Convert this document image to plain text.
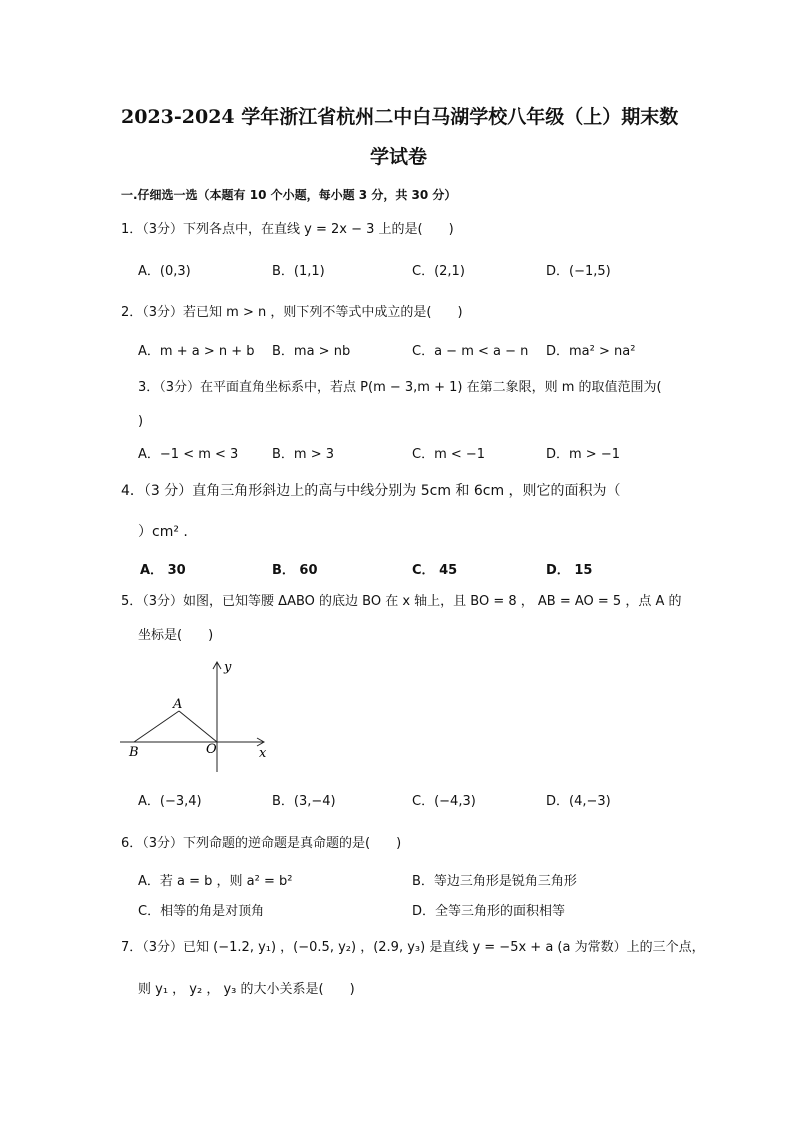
2023-2024 学年浙江省杭州二中白马湖学校八年级（上）期末数
学试卷
一.仔细选一选（本题有 10 个小题，每小题 3 分，共 30 分）
1．（3分）下列各点中，在直线 y = 2x − 3 上的是(　　)
A．(0,3)	B．(1,1)	C．(2,1)	D．(−1,5)
2．（3分）若已知 m > n ，则下列不等式中成立的是(　　)
A．m + a > n + b B．ma > nb	C．a − m < a − n D．ma² > na²
3．（3分）在平面直角坐标系中，若点 P(m − 3,m + 1) 在第二象限，则 m 的取值范围为(
)
A．−1 < m < 3	B．m > 3	C．m < −1	D．m > −1
4．（3 分）直角三角形斜边上的高与中线分别为 5cm 和 6cm ，则它的面积为（
）cm² .
A． 30	B． 60	C． 45	D． 15
5．（3分）如图，已知等腰 ΔABO 的底边 BO 在 x 轴上，且 BO = 8 ， AB = AO = 5 ，点 A 的
坐标是(　　)
y
x
A
B	O
A．(−3,4)	B．(3,−4)	C．(−4,3)	D．(4,−3)
6．（3分）下列命题的逆命题是真命题的是(　　)
A．若 a = b ，则 a² = b²	B．等边三角形是锐角三角形
C．相等的角是对顶角	D．全等三角形的面积相等
7．（3分）已知 (−1.2, y₁) ，(−0.5, y₂) ，(2.9, y₃) 是直线 y = −5x + a (a 为常数）上的三个点，
则 y₁ ， y₂ ， y₃ 的大小关系是(　　)
